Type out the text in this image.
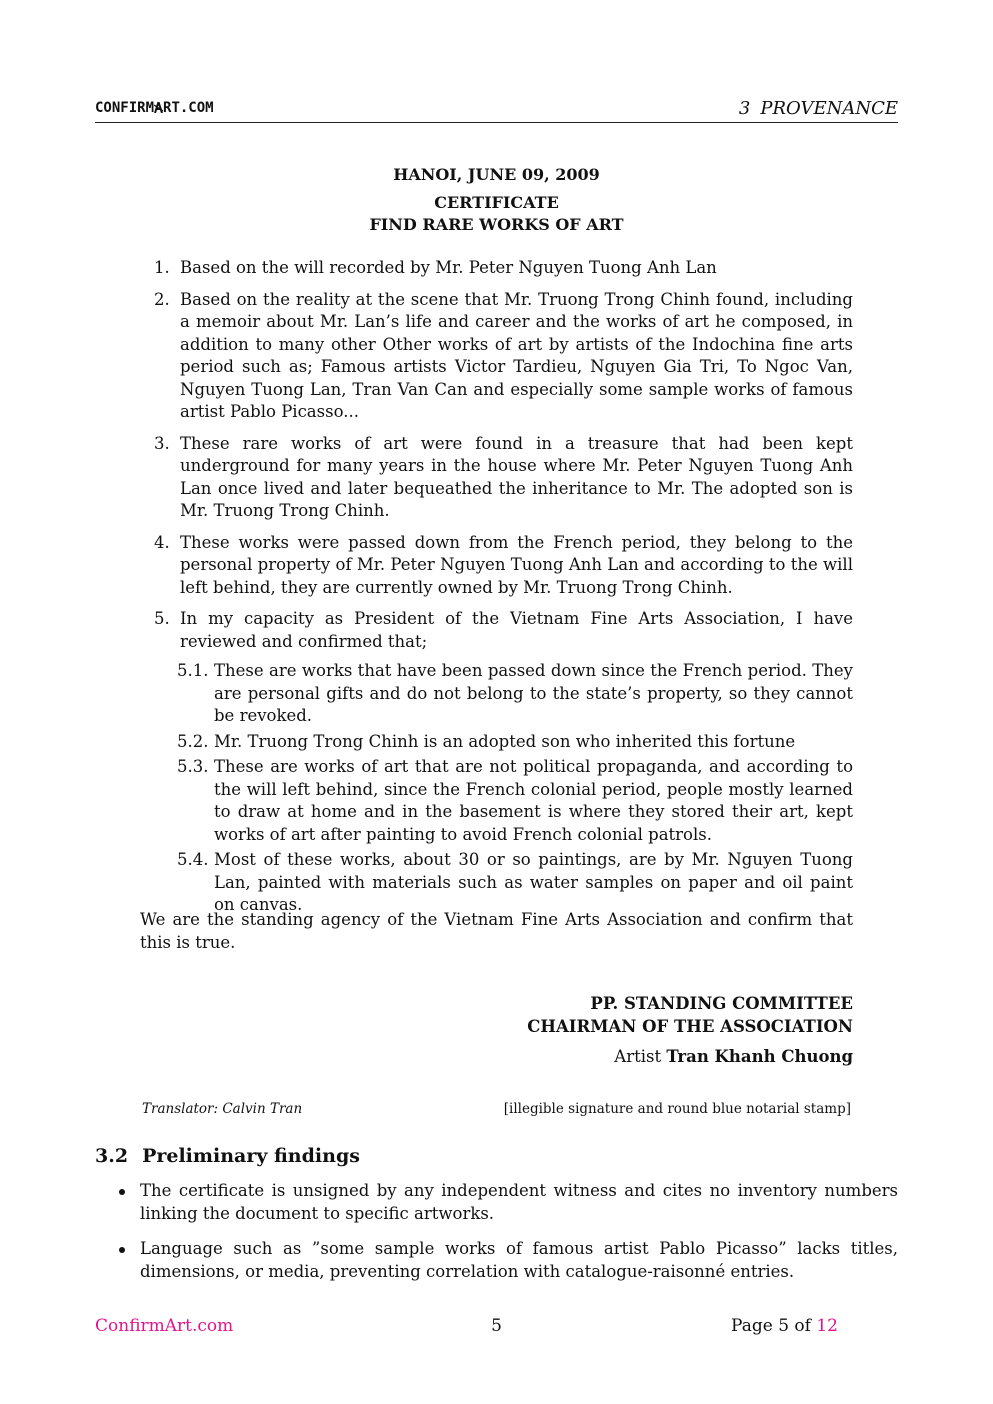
CONFIRM RT.COM	3 PROVENANCE
HANOI, JUNE 09, 2009
CERTIFICATE
FIND RARE WORKS OF ART
1. Based on the will recorded by Mr. Peter Nguyen Tuong Anh Lan
2. Based on the reality at the scene that Mr. Truong Trong Chinh found, including a memoir about Mr. Lan’s life and career and the works of art he composed, in addition to many other Other works of art by artists of the Indochina fine arts period such as; Famous artists Victor Tardieu, Nguyen Gia Tri, To Ngoc Van, Nguyen Tuong Lan, Tran Van Can and especially some sample works of famous artist Pablo Picasso...
3. These rare works of art were found in a treasure that had been kept underground for many years in the house where Mr. Peter Nguyen Tuong Anh Lan once lived and later bequeathed the inheritance to Mr. The adopted son is Mr. Truong Trong Chinh.
4. These works were passed down from the French period, they belong to the personal property of Mr. Peter Nguyen Tuong Anh Lan and according to the will left behind, they are currently owned by Mr. Truong Trong Chinh.
5. In my capacity as President of the Vietnam Fine Arts Association, I have reviewed and confirmed that;
5.1. These are works that have been passed down since the French period. They are personal gifts and do not belong to the state’s property, so they cannot be revoked.
5.2. Mr. Truong Trong Chinh is an adopted son who inherited this fortune
5.3. These are works of art that are not political propaganda, and according to the will left behind, since the French colonial period, people mostly learned to draw at home and in the basement is where they stored their art, kept works of art after painting to avoid French colonial patrols.
5.4. Most of these works, about 30 or so paintings, are by Mr. Nguyen Tuong Lan, painted with materials such as water samples on paper and oil paint on canvas.
We are the standing agency of the Vietnam Fine Arts Association and confirm that this is true.
PP. STANDING COMMITTEE
CHAIRMAN OF THE ASSOCIATION
Artist Tran Khanh Chuong
Translator: Calvin Tran	[illegible signature and round blue notarial stamp]
3.2 Preliminary findings
The certificate is unsigned by any independent witness and cites no inventory numbers linking the document to specific artworks.
Language such as ”some sample works of famous artist Pablo Picasso” lacks titles, dimensions, or media, preventing correlation with catalogue-raisonné entries.
ConfirmArt.com	5	Page 5 of 12
